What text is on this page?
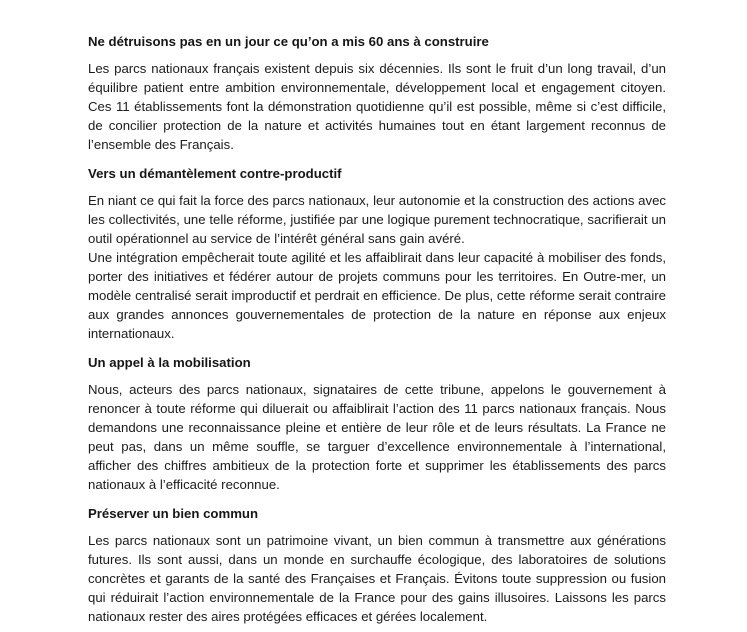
Ne détruisons pas en un jour ce qu’on a mis 60 ans à construire

Les parcs nationaux français existent depuis six décennies. Ils sont le fruit d’un long travail, d’un équilibre patient entre ambition environnementale, développement local et engagement citoyen. Ces 11 établissements font la démonstration quotidienne qu’il est possible, même si c’est difficile, de concilier protection de la nature et activités humaines tout en étant largement reconnus de l’ensemble des Français.

Vers un démantèlement contre-productif

En niant ce qui fait la force des parcs nationaux, leur autonomie et la construction des actions avec les collectivités, une telle réforme, justifiée par une logique purement technocratique, sacrifierait un outil opérationnel au service de l’intérêt général sans gain avéré.

Une intégration empêcherait toute agilité et les affaiblirait dans leur capacité à mobiliser des fonds, porter des initiatives et fédérer autour de projets communs pour les territoires. En Outre-mer, un modèle centralisé serait improductif et perdrait en efficience. De plus, cette réforme serait contraire aux grandes annonces gouvernementales de protection de la nature en réponse aux enjeux internationaux.

Un appel à la mobilisation

Nous, acteurs des parcs nationaux, signataires de cette tribune, appelons le gouvernement à renoncer à toute réforme qui diluerait ou affaiblirait l’action des 11 parcs nationaux français. Nous demandons une reconnaissance pleine et entière de leur rôle et de leurs résultats. La France ne peut pas, dans un même souffle, se targuer d’excellence environnementale à l’international, afficher des chiffres ambitieux de la protection forte et supprimer les établissements des parcs nationaux à l’efficacité reconnue.

Préserver un bien commun

Les parcs nationaux sont un patrimoine vivant, un bien commun à transmettre aux générations futures. Ils sont aussi, dans un monde en surchauffe écologique, des laboratoires de solutions concrètes et garants de la santé des Françaises et Français. Évitons toute suppression ou fusion qui réduirait l’action environnementale de la France pour des gains illusoires. Laissons les parcs nationaux rester des aires protégées efficaces et gérées localement.
